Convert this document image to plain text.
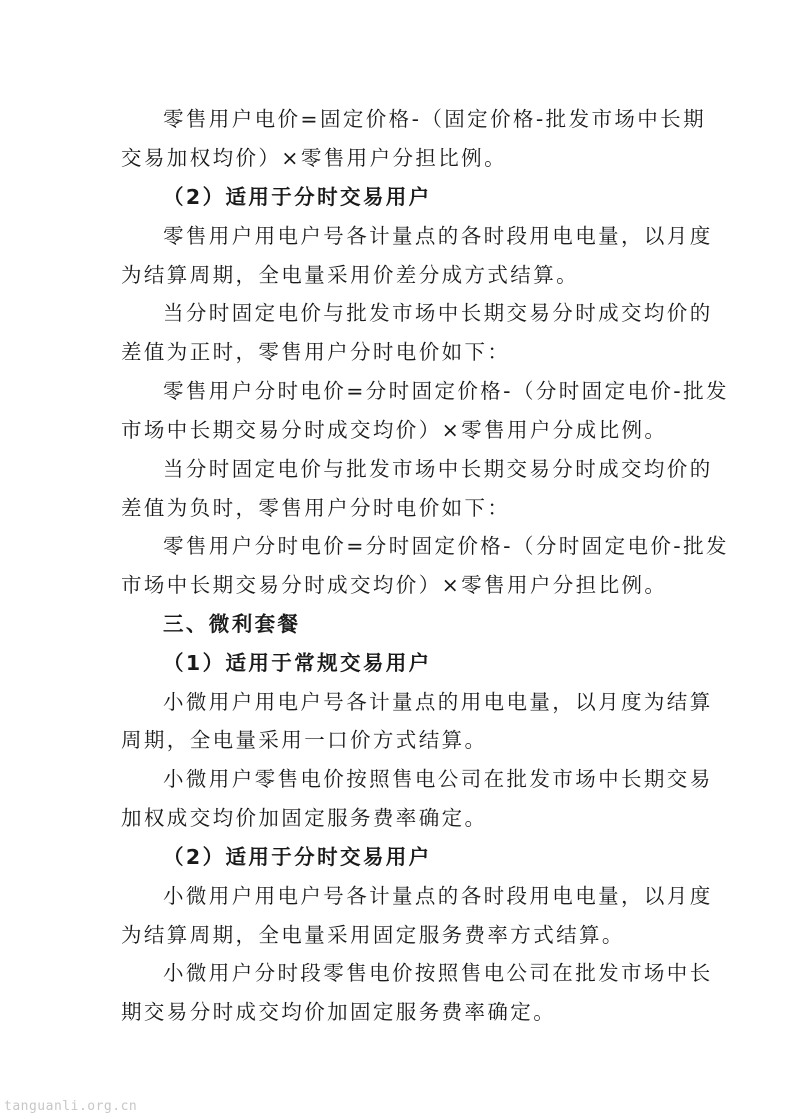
零售用户电价=固定价格-（固定价格-批发市场中长期
交易加权均价）×零售用户分担比例。
（2）适用于分时交易用户
零售用户用电户号各计量点的各时段用电电量，以月度
为结算周期，全电量采用价差分成方式结算。
当分时固定电价与批发市场中长期交易分时成交均价的
差值为正时，零售用户分时电价如下：
零售用户分时电价=分时固定价格-（分时固定电价-批发
市场中长期交易分时成交均价）×零售用户分成比例。
当分时固定电价与批发市场中长期交易分时成交均价的
差值为负时，零售用户分时电价如下：
零售用户分时电价=分时固定价格-（分时固定电价-批发
市场中长期交易分时成交均价）×零售用户分担比例。
三、微利套餐
（1）适用于常规交易用户
小微用户用电户号各计量点的用电电量，以月度为结算
周期，全电量采用一口价方式结算。
小微用户零售电价按照售电公司在批发市场中长期交易
加权成交均价加固定服务费率确定。
（2）适用于分时交易用户
小微用户用电户号各计量点的各时段用电电量，以月度
为结算周期，全电量采用固定服务费率方式结算。
小微用户分时段零售电价按照售电公司在批发市场中长
期交易分时成交均价加固定服务费率确定。
tanguanli.org.cn
